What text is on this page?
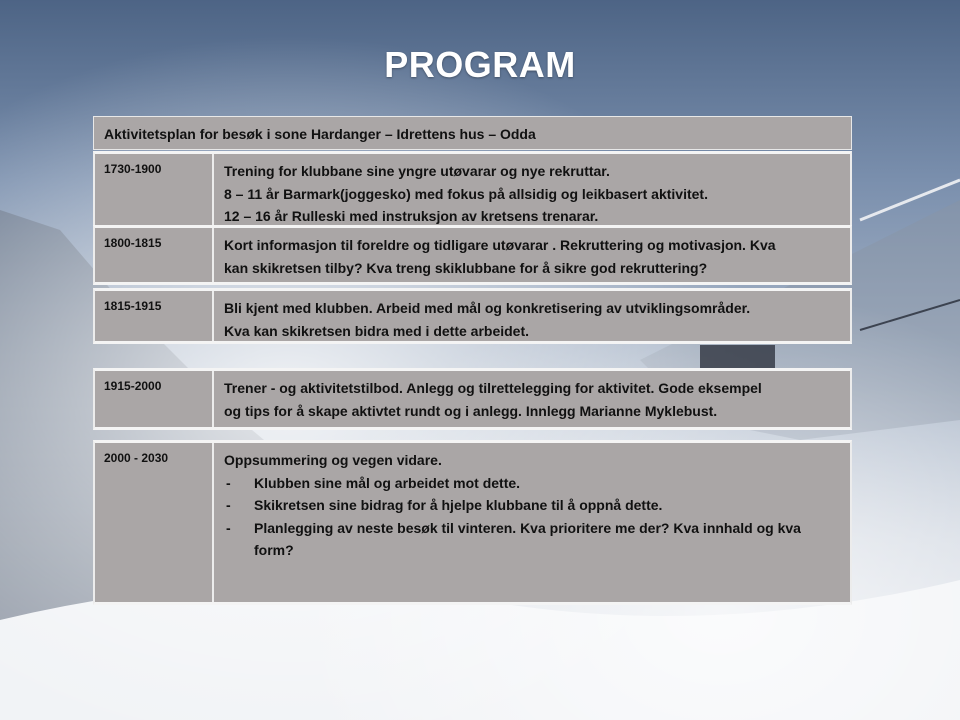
PROGRAM
Aktivitetsplan for besøk i sone Hardanger – Idrettens hus – Odda
1730-1900	Trening for klubbane sine yngre utøvarar og nye rekruttar.
8 – 11 år Barmark(joggesko) med fokus på allsidig og leikbasert aktivitet.
12 – 16 år Rulleski med instruksjon av kretsens trenarar.
1800-1815	Kort informasjon til foreldre og tidligare utøvarar . Rekruttering og motivasjon. Kva
kan skikretsen tilby? Kva treng skiklubbane for å sikre god rekruttering?
1815-1915	Bli kjent med klubben. Arbeid med mål og konkretisering av utviklingsområder.
Kva kan skikretsen bidra med i dette arbeidet.
1915-2000	Trener - og aktivitetstilbod. Anlegg og tilrettelegging for aktivitet. Gode eksempel
og tips for å skape aktivtet rundt og i anlegg. Innlegg Marianne Myklebust.
2000 - 2030	Oppsummering og vegen vidare.
- Klubben sine mål og arbeidet mot dette.
- Skikretsen sine bidrag for å hjelpe klubbane til å oppnå dette.
- Planlegging av neste besøk til vinteren. Kva prioritere me der? Kva innhald og kva form?
